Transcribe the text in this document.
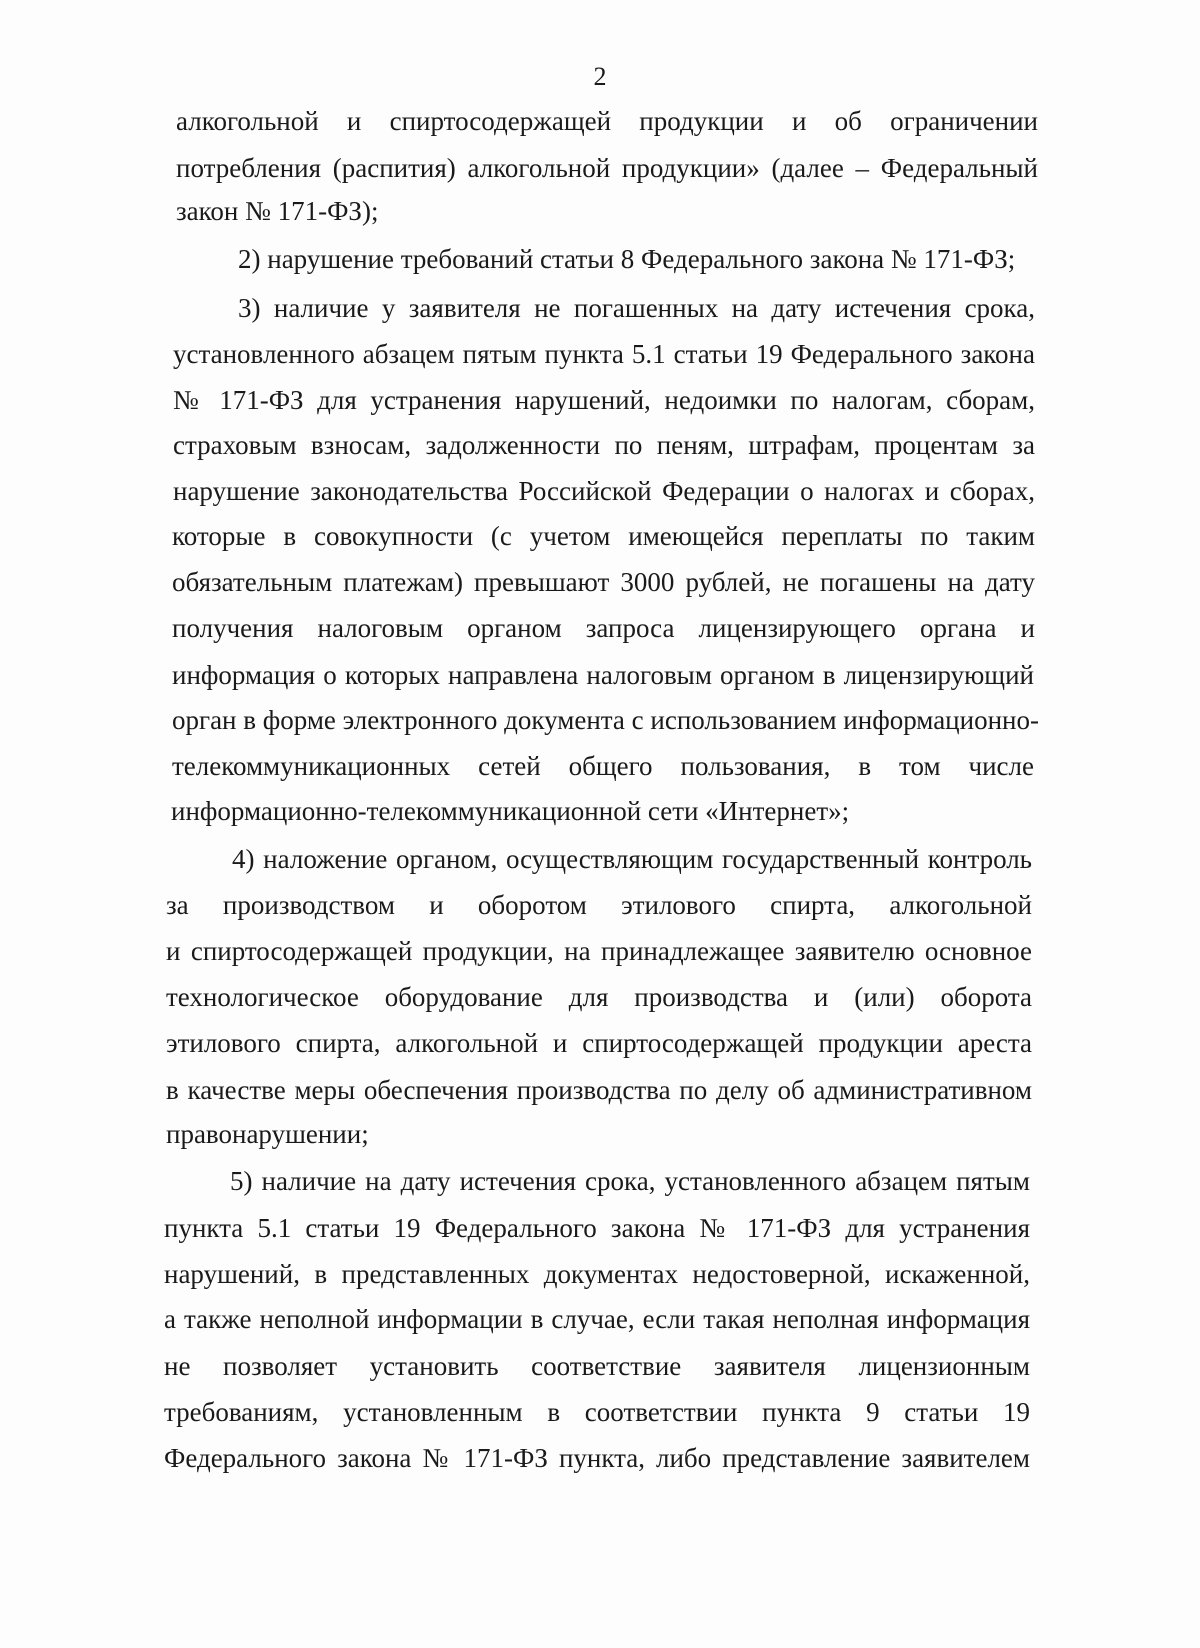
2
алкогольной и спиртосодержащей продукции и об ограничении
потребления (распития) алкогольной продукции» (далее – Федеральный
закон № 171-ФЗ);
2) нарушение требований статьи 8 Федерального закона № 171-ФЗ;
3) наличие у заявителя не погашенных на дату истечения срока,
установленного абзацем пятым пункта 5.1 статьи 19 Федерального закона
№ 171-ФЗ для устранения нарушений, недоимки по налогам, сборам,
страховым взносам, задолженности по пеням, штрафам, процентам за
нарушение законодательства Российской Федерации о налогах и сборах,
которые в совокупности (с учетом имеющейся переплаты по таким
обязательным платежам) превышают 3000 рублей, не погашены на дату
получения налоговым органом запроса лицензирующего органа и
информация о которых направлена налоговым органом в лицензирующий
орган в форме электронного документа с использованием информационно-
телекоммуникационных сетей общего пользования, в том числе
информационно-телекоммуникационной сети «Интернет»;
4) наложение органом, осуществляющим государственный контроль
за производством и оборотом этилового спирта, алкогольной
и спиртосодержащей продукции, на принадлежащее заявителю основное
технологическое оборудование для производства и (или) оборота
этилового спирта, алкогольной и спиртосодержащей продукции ареста
в качестве меры обеспечения производства по делу об административном
правонарушении;
5) наличие на дату истечения срока, установленного абзацем пятым
пункта 5.1 статьи 19 Федерального закона № 171-ФЗ для устранения
нарушений, в представленных документах недостоверной, искаженной,
а также неполной информации в случае, если такая неполная информация
не позволяет установить соответствие заявителя лицензионным
требованиям, установленным в соответствии пункта 9 статьи 19
Федерального закона № 171-ФЗ пункта, либо представление заявителем
